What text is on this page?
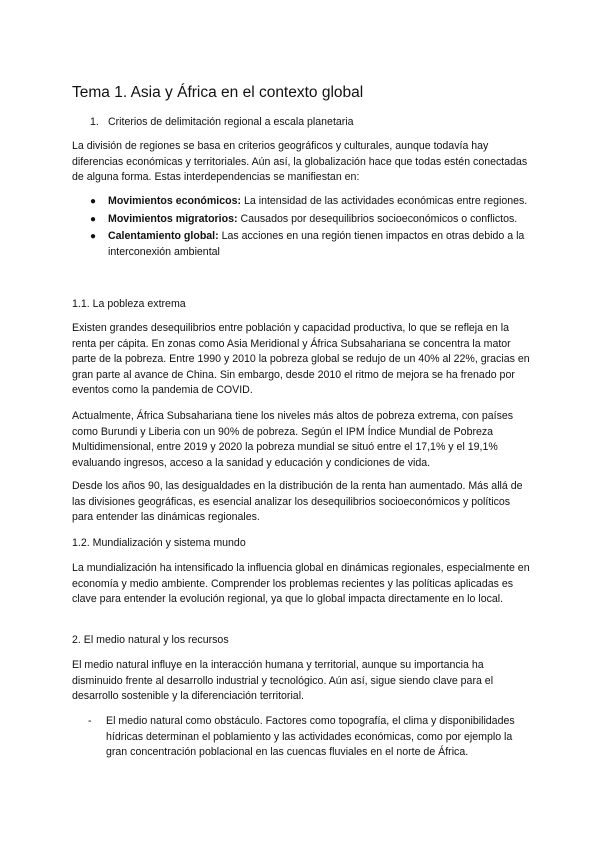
Tema 1. Asia y África en el contexto global
1. Criterios de delimitación regional a escala planetaria

La división de regiones se basa en criterios geográficos y culturales, aunque todavía hay diferencias económicas y territoriales. Aún así, la globalización hace que todas estén conectadas de alguna forma. Estas interdependencias se manifiestan en:

● Movimientos económicos: La intensidad de las actividades económicas entre regiones.
● Movimientos migratorios: Causados por desequilibrios socioeconómicos o conflictos.
● Calentamiento global: Las acciones en una región tienen impactos en otras debido a la interconexión ambiental
1.1. La pobleza extrema

Existen grandes desequilibrios entre población y capacidad productiva, lo que se refleja en la renta per cápita. En zonas como Asia Meridional y África Subsahariana se concentra la mator parte de la pobreza. Entre 1990 y 2010 la pobreza global se redujo de un 40% al 22%, gracias en gran parte al avance de China. Sin embargo, desde 2010 el ritmo de mejora se ha frenado por eventos como la pandemia de COVID.

Actualmente, África Subsahariana tiene los niveles más altos de pobreza extrema, con países como Burundi y Liberia con un 90% de pobreza. Según el IPM Índice Mundial de Pobreza Multidimensional, entre 2019 y 2020 la pobreza mundial se situó entre el 17,1% y el 19,1% evaluando ingresos, acceso a la sanidad y educación y condiciones de vida.

Desde los años 90, las desigualdades en la distribución de la renta han aumentado. Más allá de las divisiones geográficas, es esencial analizar los desequilibrios socioeconómicos y políticos para entender las dinámicas regionales.

1.2. Mundialización y sistema mundo

La mundialización ha intensificado la influencia global en dinámicas regionales, especialmente en economía y medio ambiente. Comprender los problemas recientes y las políticas aplicadas es clave para entender la evolución regional, ya que lo global impacta directamente en lo local.

2. El medio natural y los recursos

El medio natural influye en la interacción humana y territorial, aunque su importancia ha disminuido frente al desarrollo industrial y tecnológico. Aún así, sigue siendo clave para el desarrollo sostenible y la diferenciación territorial.

- El medio natural como obstáculo. Factores como topografía, el clima y disponibilidades hídricas determinan el poblamiento y las actividades económicas, como por ejemplo la gran concentración poblacional en las cuencas fluviales en el norte de África.
